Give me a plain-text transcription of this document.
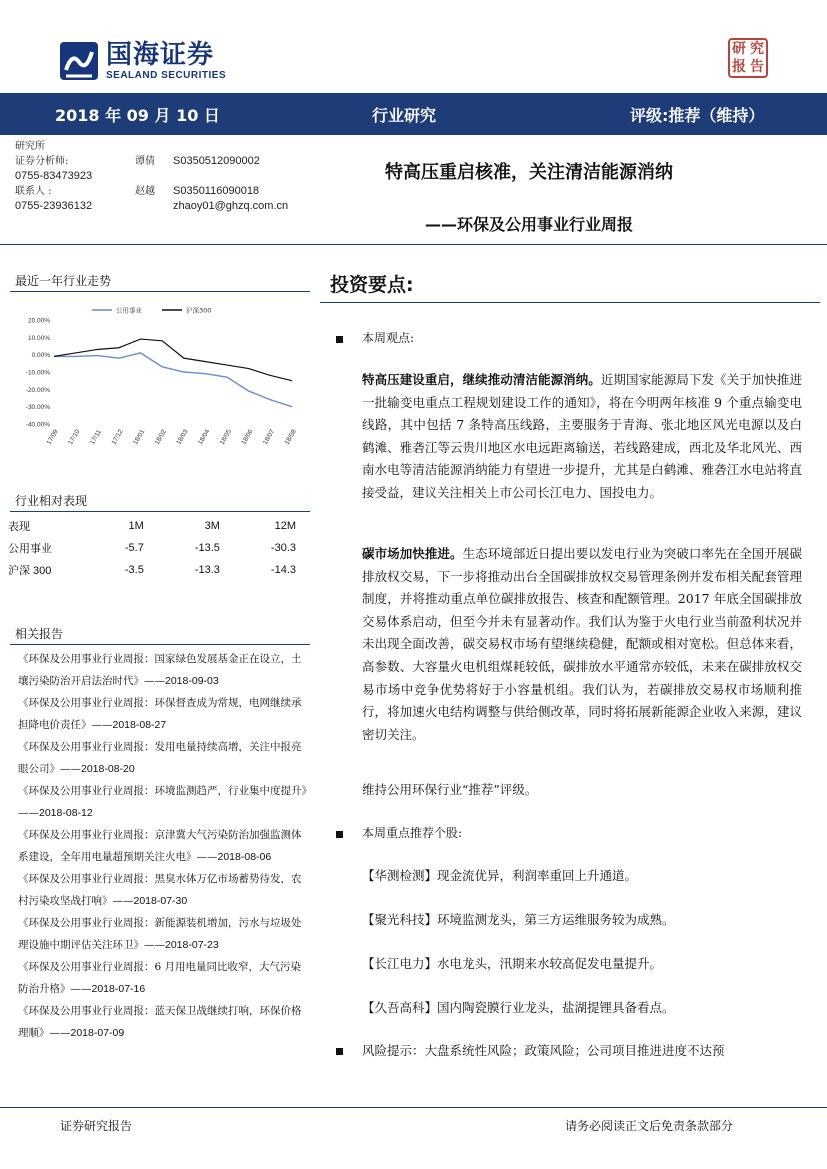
国海证券
SEALAND SECURITIES
研 究
报 告
2018 年 09 月 10 日	行业研究	评级:推荐（维持）
研究所
证券分析师:	谭倩	S0350512090002
0755-83473923
联系人 :	赵越	S0350116090018
0755-23936132	zhaoy01@ghzq.com.cn
特高压重启核准，关注清洁能源消纳
——环保及公用事业行业周报
最近一年行业走势
20.00%
10.00%
0.00%
-10.00%
-20.00%
-30.00%
-40.00%
17/09 17/10 17/11 17/12 18/01 18/02 18/03 18/04 18/05 18/06 18/07 18/08
公用事业	沪深300
行业相对表现
表现	1M	3M	12M
公用事业	-5.7	-13.5	-30.3
沪深 300	-3.5	-13.3	-14.3
相关报告
《环保及公用事业行业周报：国家绿色发展基金正在设立，土壤污染防治开启法治时代》——2018-09-03
《环保及公用事业行业周报：环保督查成为常规，电网继续承担降电价责任》——2018-08-27
《环保及公用事业行业周报：发用电量持续高增，关注中报亮眼公司》——2018-08-20
《环保及公用事业行业周报：环境监测趋严，行业集中度提升》——2018-08-12
《环保及公用事业行业周报：京津冀大气污染防治加强监测体系建设，全年用电量超预期关注火电》——2018-08-06
《环保及公用事业行业周报：黑臭水体万亿市场蓄势待发，农村污染攻坚战打响》——2018-07-30
《环保及公用事业行业周报：新能源装机增加，污水与垃圾处理设施中期评估关注环卫》——2018-07-23
《环保及公用事业行业周报：6 月用电量同比收窄，大气污染防治升格》——2018-07-16
《环保及公用事业行业周报：蓝天保卫战继续打响，环保价格理顺》——2018-07-09
投资要点:
本周观点:
特高压建设重启，继续推动清洁能源消纳。近期国家能源局下发《关于加快推进一批输变电重点工程规划建设工作的通知》，将在今明两年核准 9 个重点输变电线路，其中包括 7 条特高压线路，主要服务于青海、张北地区风光电源以及白鹤滩、雅砻江等云贵川地区水电远距离输送，若线路建成，西北及华北风光、西南水电等清洁能源消纳能力有望进一步提升，尤其是白鹤滩、雅砻江水电站将直接受益，建议关注相关上市公司长江电力、国投电力。
碳市场加快推进。生态环境部近日提出要以发电行业为突破口率先在全国开展碳排放权交易，下一步将推动出台全国碳排放权交易管理条例并发布相关配套管理制度，并将推动重点单位碳排放报告、核查和配额管理。2017 年底全国碳排放交易体系启动，但至今并未有显著动作。我们认为鉴于火电行业当前盈利状况并未出现全面改善，碳交易权市场有望继续稳健，配额或相对宽松。但总体来看，高参数、大容量火电机组煤耗较低，碳排放水平通常亦较低，未来在碳排放权交易市场中竞争优势将好于小容量机组。我们认为，若碳排放交易权市场顺利推行，将加速火电结构调整与供给侧改革，同时将拓展新能源企业收入来源，建议密切关注。
维持公用环保行业“推荐”评级。
本周重点推荐个股:
【华测检测】现金流优异，利润率重回上升通道。
【聚光科技】环境监测龙头，第三方运维服务较为成熟。
【长江电力】水电龙头，汛期来水较高促发电量提升。
【久吾高科】国内陶瓷膜行业龙头，盐湖提锂具备看点。
风险提示：大盘系统性风险；政策风险；公司项目推进进度不达预
证券研究报告	请务必阅读正文后免责条款部分
